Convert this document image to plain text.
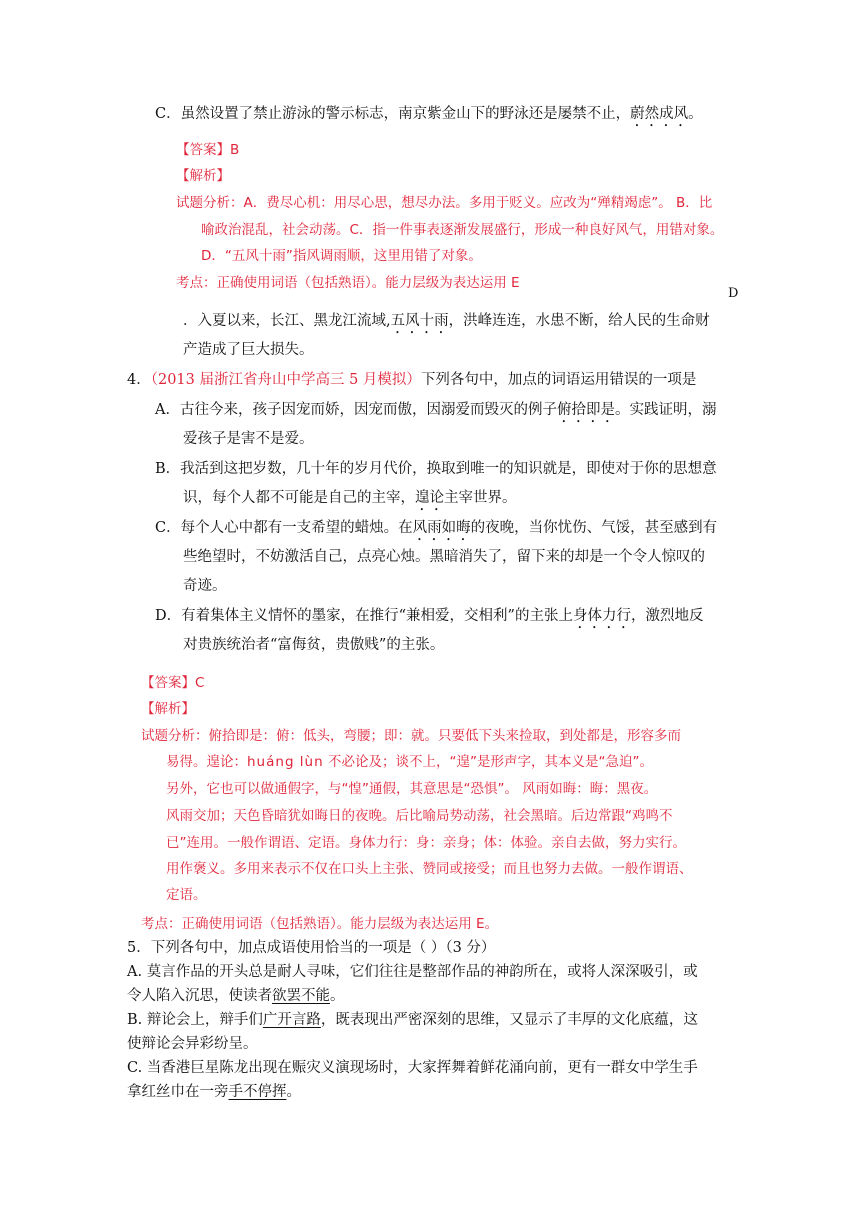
C．虽然设置了禁止游泳的警示标志，南京紫金山下的野泳还是屡禁不止，蔚然成风。
【答案】B
【解析】
试题分析：A．费尽心机：用尽心思，想尽办法。多用于贬义。应改为“殚精竭虑”。 B．比
喻政治混乱，社会动荡。C．指一件事表逐渐发展盛行，形成一种良好风气，用错对象。
D．“五风十雨”指风调雨顺，这里用错了对象。
考点：正确使用词语（包括熟语）。能力层级为表达运用 E
D
．入夏以来，长江、黑龙江流域,五风十雨，洪峰连连，水患不断，给人民的生命财
产造成了巨大损失。
4．（2013 届浙江省舟山中学高三 5 月模拟）下列各句中，加点的词语运用错误的一项是
A．古往今来，孩子因宠而娇，因宠而傲，因溺爱而毁灭的例子俯拾即是。实践证明，溺
爱孩子是害不是爱。
B．我活到这把岁数，几十年的岁月代价，换取到唯一的知识就是，即使对于你的思想意
识，每个人都不可能是自己的主宰，遑论主宰世界。
C．每个人心中都有一支希望的蜡烛。在风雨如晦的夜晚，当你忧伤、气馁，甚至感到有
些绝望时，不妨激活自己，点亮心烛。黑暗消失了，留下来的却是一个令人惊叹的
奇迹。
D．有着集体主义情怀的墨家，在推行“兼相爱，交相利”的主张上身体力行，激烈地反
对贵族统治者“富侮贫，贵傲贱”的主张。
【答案】C
【解析】
试题分析：俯拾即是：俯：低头，弯腰；即：就。只要低下头来捡取，到处都是，形容多而
易得。遑论：huáng lùn 不必论及；谈不上，“遑”是形声字，其本义是“急迫”。
另外，它也可以做通假字，与“惶”通假，其意思是“恐惧”。 风雨如晦：晦：黑夜。
风雨交加；天色昏暗犹如晦日的夜晚。后比喻局势动荡，社会黑暗。后边常跟“鸡鸣不
已”连用。一般作谓语、定语。身体力行：身：亲身；体：体验。亲自去做，努力实行。
用作褒义。多用来表示不仅在口头上主张、赞同或接受；而且也努力去做。一般作谓语、
定语。
考点：正确使用词语（包括熟语）。能力层级为表达运用 E。
5．下列各句中，加点成语使用恰当的一项是（ ）（3 分）
A. 莫言作品的开头总是耐人寻味，它们往往是整部作品的神韵所在，或将人深深吸引，或
令人陷入沉思，使读者欲罢不能。
B. 辩论会上，辩手们广开言路，既表现出严密深刻的思维，又显示了丰厚的文化底蕴，这
使辩论会异彩纷呈。
C. 当香港巨星陈龙出现在赈灾义演现场时，大家挥舞着鲜花涌向前，更有一群女中学生手
拿红丝巾在一旁手不停挥。
